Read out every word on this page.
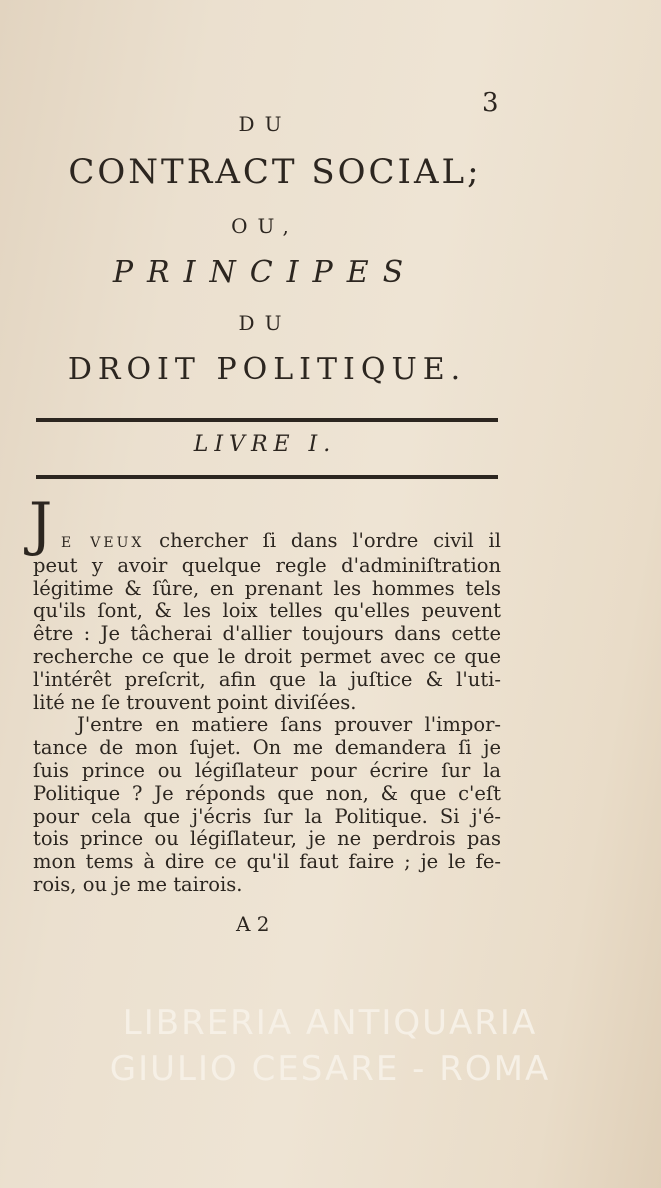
3
DU
CONTRACT SOCIAL;
OU,
PRINCIPES
DU
DROIT POLITIQUE.
LIVRE I.
J E VEUX chercher ſi dans l'ordre civil il
peut y avoir quelque regle d'adminiſtration
légitime & ſûre, en prenant les hommes tels
qu'ils ſont, & les loix telles qu'elles peuvent
être : Je tâcherai d'allier toujours dans cette
recherche ce que le droit permet avec ce que
l'intérêt preſcrit, afin que la juſtice & l'uti-
lité ne ſe trouvent point diviſées.
J'entre en matiere ſans prouver l'impor-
tance de mon ſujet. On me demandera ſi je
ſuis prince ou légiſlateur pour écrire ſur la
Politique ? Je réponds que non, & que c'eſt
pour cela que j'écris ſur la Politique. Si j'é-
tois prince ou légiſlateur, je ne perdrois pas
mon tems à dire ce qu'il faut faire ; je le fe-
rois, ou je me tairois.
A 2
LIBRERIA ANTIQUARIA GIULIO CESARE - ROMA
